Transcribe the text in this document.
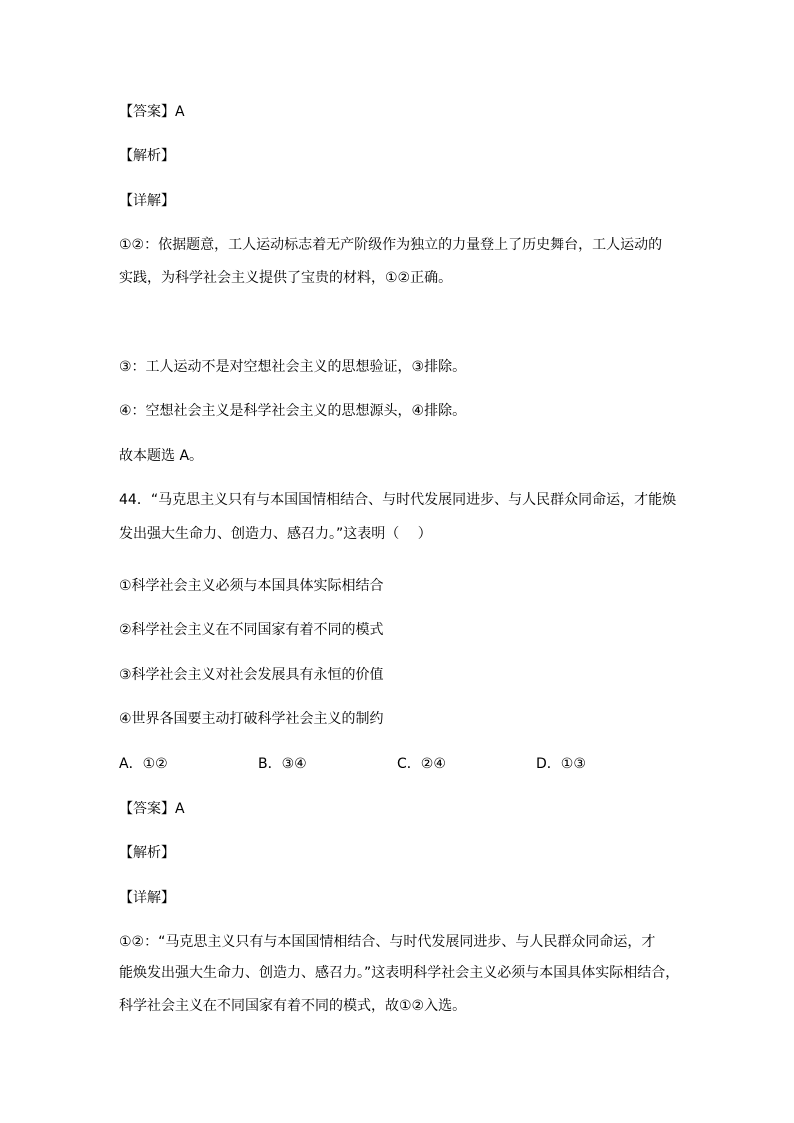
【答案】A
【解析】
【详解】
①②：依据题意，工人运动标志着无产阶级作为独立的力量登上了历史舞台，工人运动的
实践，为科学社会主义提供了宝贵的材料，①②正确。
③：工人运动不是对空想社会主义的思想验证，③排除。
④：空想社会主义是科学社会主义的思想源头，④排除。
故本题选 A。
44．“马克思主义只有与本国国情相结合、与时代发展同进步、与人民群众同命运，才能焕
发出强大生命力、创造力、感召力。”这表明（　 ）
①科学社会主义必须与本国具体实际相结合
②科学社会主义在不同国家有着不同的模式
③科学社会主义对社会发展具有永恒的价值
④世界各国要主动打破科学社会主义的制约
A．①②	B．③④	C．②④	D．①③
【答案】A
【解析】
【详解】
①②：“马克思主义只有与本国国情相结合、与时代发展同进步、与人民群众同命运，才
能焕发出强大生命力、创造力、感召力。”这表明科学社会主义必须与本国具体实际相结合，
科学社会主义在不同国家有着不同的模式，故①②入选。
